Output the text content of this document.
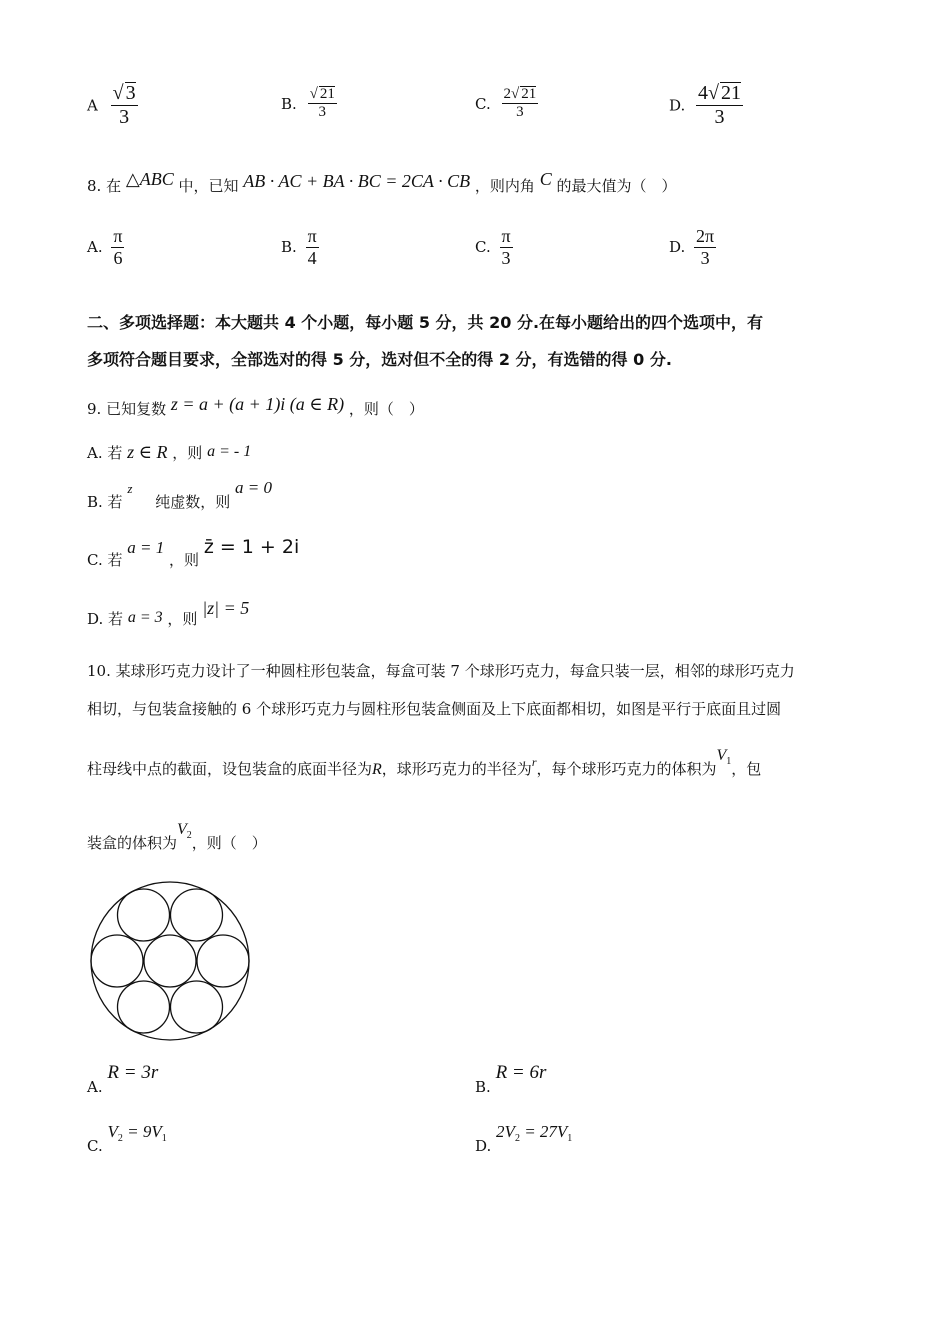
A $\frac{√ 3}{3}$	B. $\frac{√ 21}{3}$	C. $\frac{2√ 21}{3}$	D. $\frac{4√ 21}{3}$
8. 在 △ABC 中，已知 AB · AC + BA · BC = 2CA · CB ，则内角 C 的最大值为（　）
A. $\frac{\pi}{6}$	B. $\frac{\pi}{4}$	C. $\frac{\pi}{3}$	D. $\frac{2\pi}{3}$
二、多项选择题：本大题共 4 个小题，每小题 5 分，共 20 分.在每小题给出的四个选项中，有
多项符合题目要求，全部选对的得 5 分，选对但不全的得 2 分，有选错的得 0 分.
9. 已知复数 z = a + (a + 1)i (a ∈ R) ，则（　）
A. 若 z ∈ R ，则 a = - 1
B. 若 z 纯虚数，则 a = 0
C. 若 a = 1 ，则 z̄ = 1 + 2i
D. 若 a = 3 ，则 |z| = 5
10. 某球形巧克力设计了一种圆柱形包装盒，每盒可装 7 个球形巧克力，每盒只装一层，相邻的球形巧克力
相切，与包装盒接触的 6 个球形巧克力与圆柱形包装盒侧面及上下底面都相切，如图是平行于底面且过圆
柱母线中点的截面，设包装盒的底面半径为R，球形巧克力的半径为$_r$，每个球形巧克力的体积为$V_1$，包
装盒的体积为$V_2$，则（　）
A. R = 3r
B. R = 6r
C. $V_2 = 9V_1$	D. $2V_2 = 27V_1$
